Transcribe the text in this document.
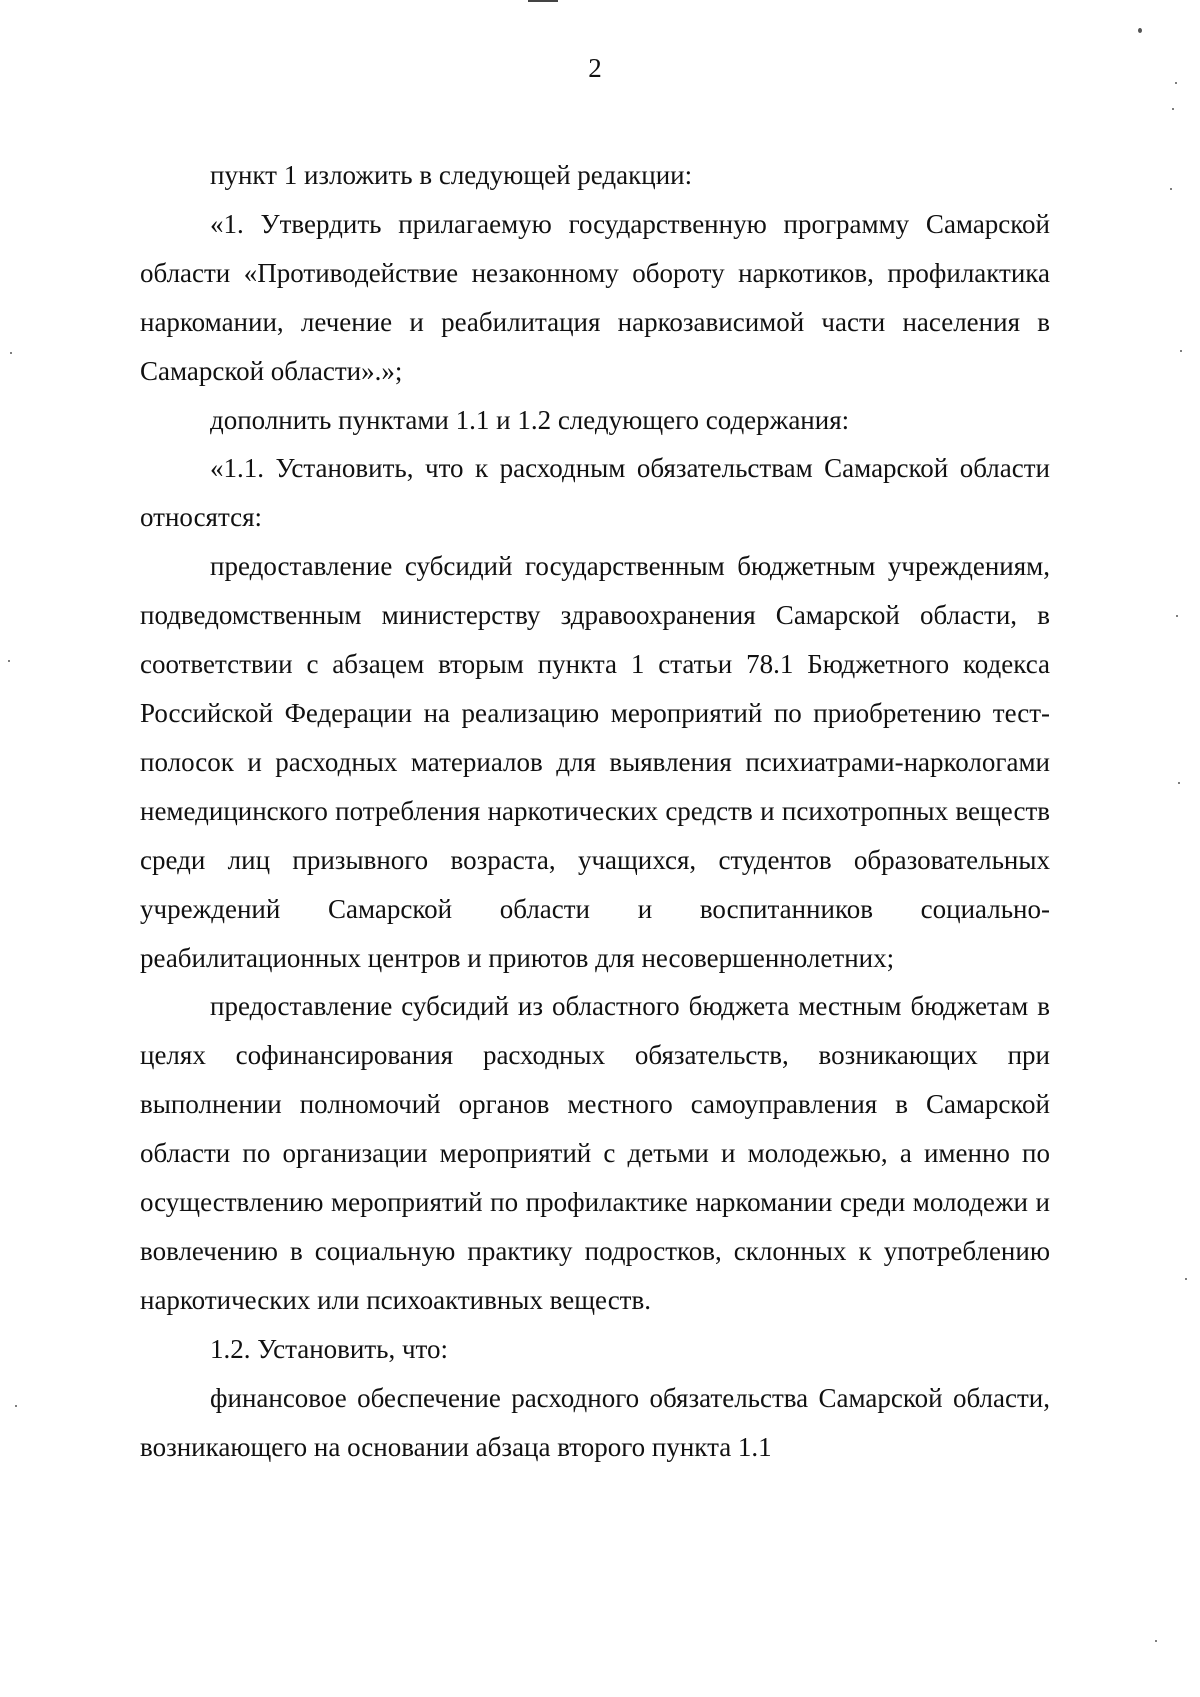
2

пункт 1 изложить в следующей редакции:

«1. Утвердить прилагаемую государственную программу Самарской области «Противодействие незаконному обороту наркотиков, профилактика наркомании, лечение и реабилитация наркозависимой части населения в Самарской области».»;

дополнить пунктами 1.1 и 1.2 следующего содержания:

«1.1. Установить, что к расходным обязательствам Самарской области относятся:

предоставление субсидий государственным бюджетным учреждениям, подведомственным министерству здравоохранения Самарской области, в соответствии с абзацем вторым пункта 1 статьи 78.1 Бюджетного кодекса Российской Федерации на реализацию мероприятий по приобретению тест-полосок и расходных материалов для выявления психиатрами-наркологами немедицинского потребления наркотических средств и психотропных веществ среди лиц призывного возраста, учащихся, студентов образовательных учреждений Самарской области и воспитанников социально-реабилитационных центров и приютов для несовершеннолетних;

предоставление субсидий из областного бюджета местным бюджетам в целях софинансирования расходных обязательств, возникающих при выполнении полномочий органов местного самоуправления в Самарской области по организации мероприятий с детьми и молодежью, а именно по осуществлению мероприятий по профилактике наркомании среди молодежи и вовлечению в социальную практику подростков, склонных к употреблению наркотических или психоактивных веществ.

1.2. Установить, что:

финансовое обеспечение расходного обязательства Самарской области, возникающего на основании абзаца второго пункта 1.1
